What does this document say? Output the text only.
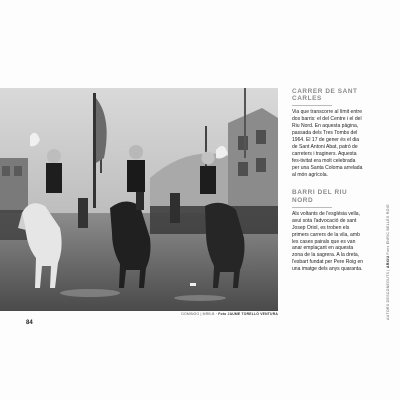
DOMINGO | MRB-B · Foto JAUME TORELLÓ VENTURA
84
CARRER DE SANT CARLES

Via que transcorre al límit entre dos barris: el del Centre i el del Riu Nord. En aquesta pàgina, passada dels Tres Tombs del 1964. El 17 de gener és el dia de Sant Antoni Abat, patró de carreters i traginers. Aquesta fes-tivitat era molt celebrada per una Santa Coloma arrelada al món agrícola.

BARRI DEL RIU NORD

Als voltants de l'església vella, avui sota l'advocació de sant Josep Oriol, es troben els primers carrers de la vila, amb les cases pairals que es van anar emplaçant en aquesta zona de la sagrera. A la dreta, l'esbart fundat per Pere Roig en una imatge dels anys quaranta.

AUTORS DESCONEGUTS | ARXIU Fons ENRIC BELLÉS ROIG
